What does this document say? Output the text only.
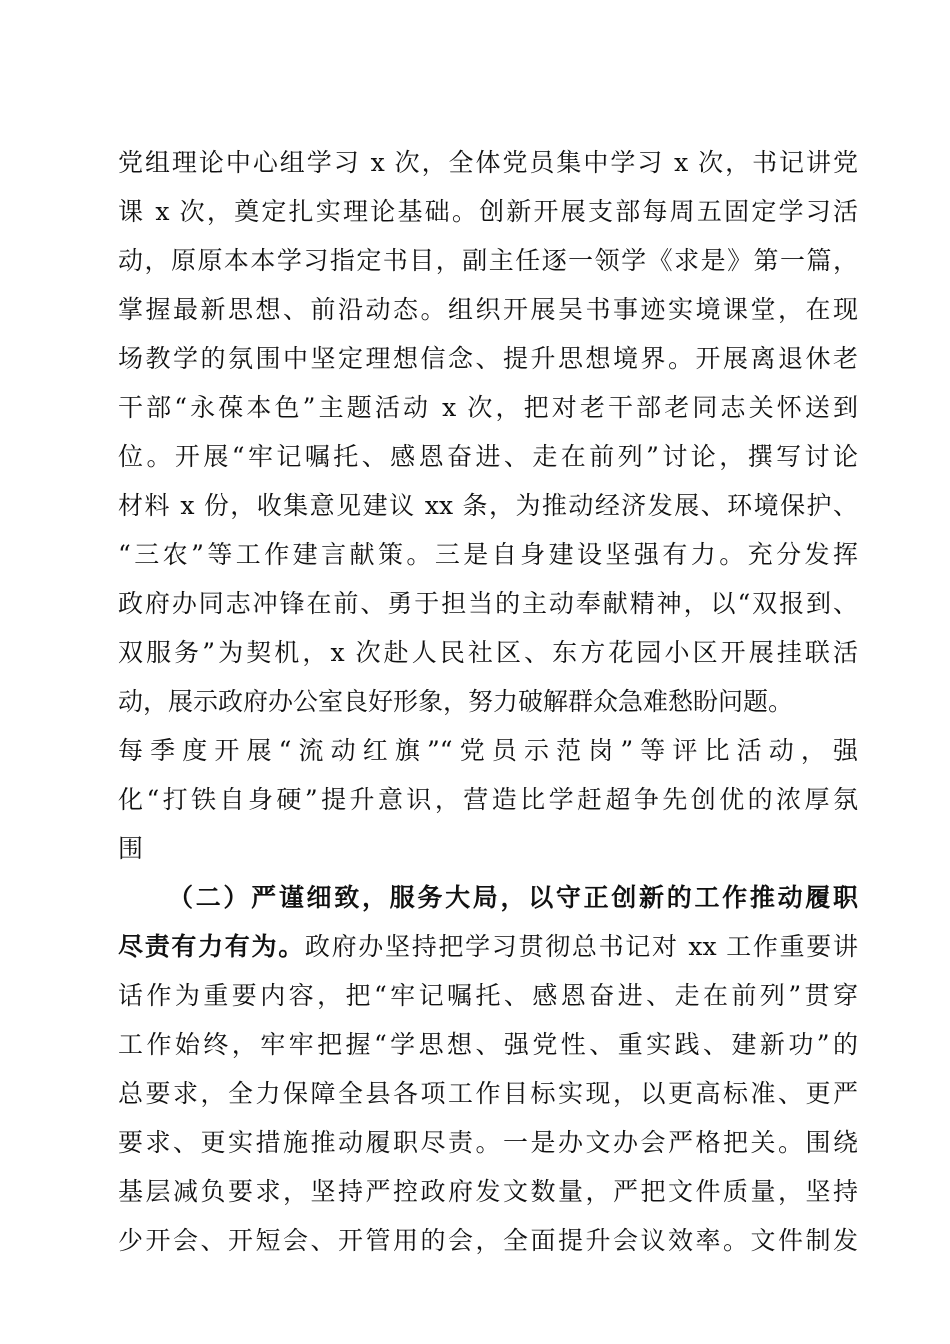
党组理论中心组学习 x 次，全体党员集中学习 x 次，书记讲党
课 x 次，奠定扎实理论基础。创新开展支部每周五固定学习活
动，原原本本学习指定书目，副主任逐一领学《求是》第一篇，
掌握最新思想、前沿动态。组织开展吴书事迹实境课堂，在现
场教学的氛围中坚定理想信念、提升思想境界。开展离退休老
干部“永葆本色”主题活动 x 次，把对老干部老同志关怀送到
位。开展“牢记嘱托、感恩奋进、走在前列”讨论，撰写讨论
材料 x 份，收集意见建议 xx 条，为推动经济发展、环境保护、
“三农”等工作建言献策。三是自身建设坚强有力。充分发挥
政府办同志冲锋在前、勇于担当的主动奉献精神，以“双报到、
双服务”为契机，x 次赴人民社区、东方花园小区开展挂联活
动，展示政府办公室良好形象，努力破解群众急难愁盼问题。
每季度开展“流动红旗”“党员示范岗”等评比活动，强
化“打铁自身硬”提升意识，营造比学赶超争先创优的浓厚氛
围
（二）严谨细致，服务大局，以守正创新的工作推动履职
尽责有力有为。政府办坚持把学习贯彻总书记对 xx 工作重要讲
话作为重要内容，把“牢记嘱托、感恩奋进、走在前列”贯穿
工作始终，牢牢把握“学思想、强党性、重实践、建新功”的
总要求，全力保障全县各项工作目标实现，以更高标准、更严
要求、更实措施推动履职尽责。一是办文办会严格把关。围绕
基层减负要求，坚持严控政府发文数量，严把文件质量，坚持
少开会、开短会、开管用的会，全面提升会议效率。文件制发
